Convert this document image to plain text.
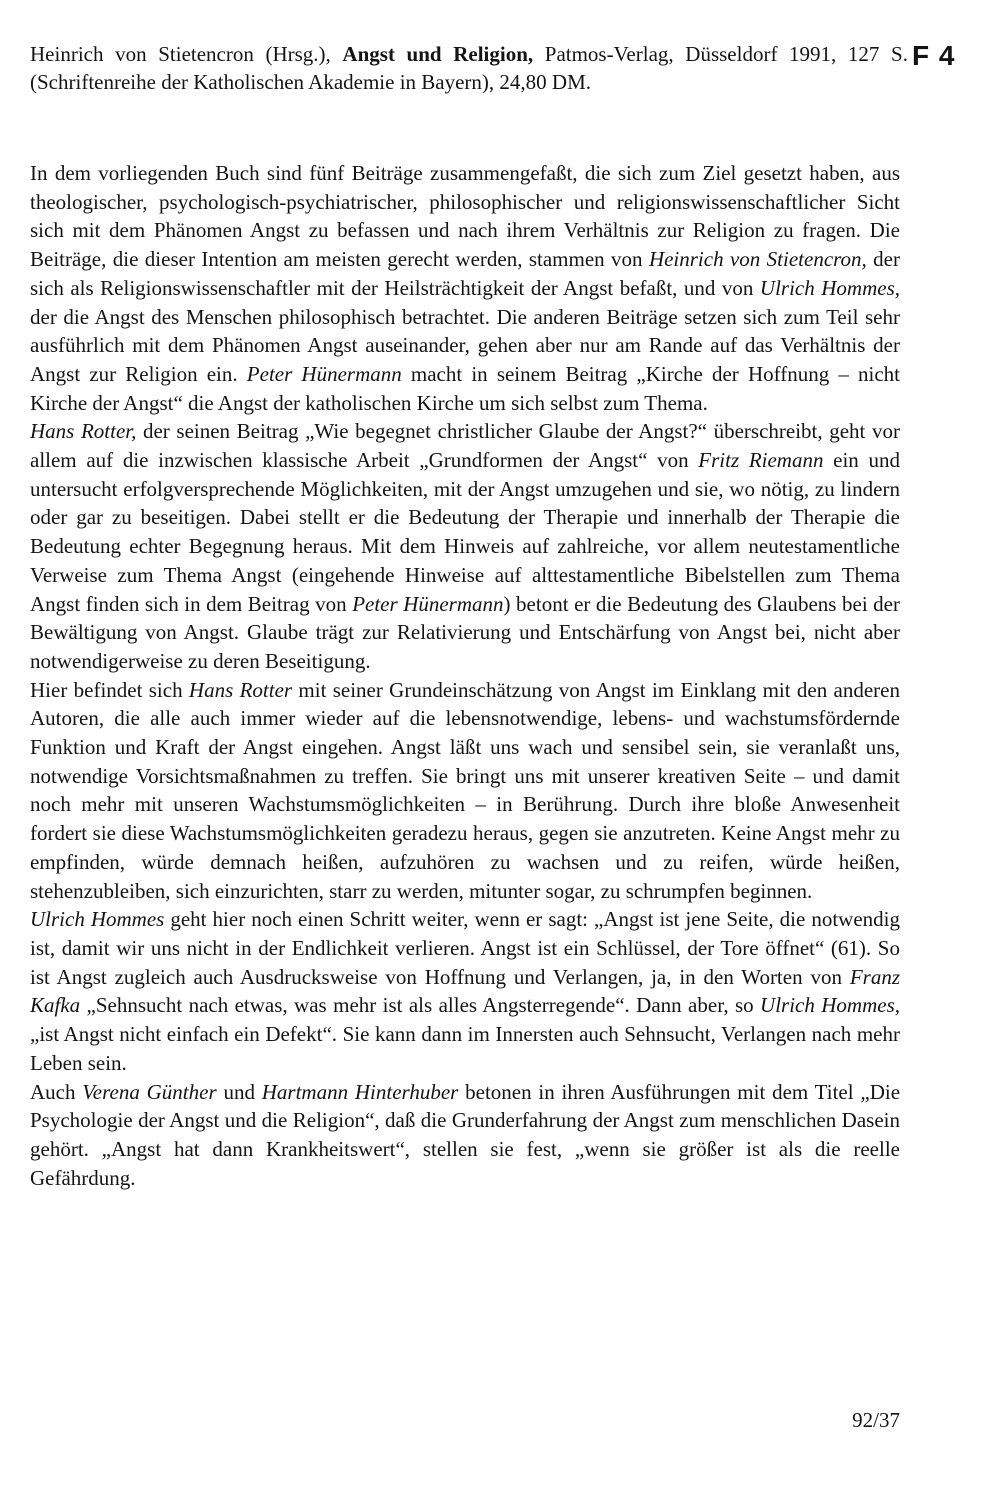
F 4
Heinrich von Stietencron (Hrsg.), Angst und Religion, Patmos-Verlag, Düsseldorf 1991, 127 S. (Schriftenreihe der Katholischen Akademie in Bayern), 24,80 DM.

In dem vorliegenden Buch sind fünf Beiträge zusammengefaßt, die sich zum Ziel gesetzt haben, aus theologischer, psychologisch-psychiatrischer, philosophischer und religionswissenschaftlicher Sicht sich mit dem Phänomen Angst zu befassen und nach ihrem Verhältnis zur Religion zu fragen. Die Beiträge, die dieser Intention am meisten gerecht werden, stammen von Heinrich von Stietencron, der sich als Religionswissenschaftler mit der Heilsträchtigkeit der Angst befaßt, und von Ulrich Hommes, der die Angst des Menschen philosophisch betrachtet. Die anderen Beiträge setzen sich zum Teil sehr ausführlich mit dem Phänomen Angst auseinander, gehen aber nur am Rande auf das Verhältnis der Angst zur Religion ein. Peter Hünermann macht in seinem Beitrag „Kirche der Hoffnung – nicht Kirche der Angst“ die Angst der katholischen Kirche um sich selbst zum Thema.

Hans Rotter, der seinen Beitrag „Wie begegnet christlicher Glaube der Angst?“ überschreibt, geht vor allem auf die inzwischen klassische Arbeit „Grundformen der Angst“ von Fritz Riemann ein und untersucht erfolgversprechende Möglichkeiten, mit der Angst umzugehen und sie, wo nötig, zu lindern oder gar zu beseitigen. Dabei stellt er die Bedeutung der Therapie und innerhalb der Therapie die Bedeutung echter Begegnung heraus. Mit dem Hinweis auf zahlreiche, vor allem neutestamentliche Verweise zum Thema Angst (eingehende Hinweise auf alttestamentliche Bibelstellen zum Thema Angst finden sich in dem Beitrag von Peter Hünermann) betont er die Bedeutung des Glaubens bei der Bewältigung von Angst. Glaube trägt zur Relativierung und Entschärfung von Angst bei, nicht aber notwendigerweise zu deren Beseitigung.

Hier befindet sich Hans Rotter mit seiner Grundeinschätzung von Angst im Einklang mit den anderen Autoren, die alle auch immer wieder auf die lebensnotwendige, lebens- und wachstumsfördernde Funktion und Kraft der Angst eingehen. Angst läßt uns wach und sensibel sein, sie veranlaßt uns, notwendige Vorsichtsmaßnahmen zu treffen. Sie bringt uns mit unserer kreativen Seite – und damit noch mehr mit unseren Wachstumsmöglichkeiten – in Berührung. Durch ihre bloße Anwesenheit fordert sie diese Wachstumsmöglichkeiten geradezu heraus, gegen sie anzutreten. Keine Angst mehr zu empfinden, würde demnach heißen, aufzuhören zu wachsen und zu reifen, würde heißen, stehenzubleiben, sich einzurichten, starr zu werden, mitunter sogar, zu schrumpfen beginnen.

Ulrich Hommes geht hier noch einen Schritt weiter, wenn er sagt: „Angst ist jene Seite, die notwendig ist, damit wir uns nicht in der Endlichkeit verlieren. Angst ist ein Schlüssel, der Tore öffnet“ (61). So ist Angst zugleich auch Ausdrucksweise von Hoffnung und Verlangen, ja, in den Worten von Franz Kafka „Sehnsucht nach etwas, was mehr ist als alles Angsterregende“. Dann aber, so Ulrich Hommes, „ist Angst nicht einfach ein Defekt“. Sie kann dann im Innersten auch Sehnsucht, Verlangen nach mehr Leben sein.

Auch Verena Günther und Hartmann Hinterhuber betonen in ihren Ausführungen mit dem Titel „Die Psychologie der Angst und die Religion“, daß die Grunderfahrung der Angst zum menschlichen Dasein gehört. „Angst hat dann Krankheitswert“, stellen sie fest, „wenn sie größer ist als die reelle Gefährdung.

92/37
